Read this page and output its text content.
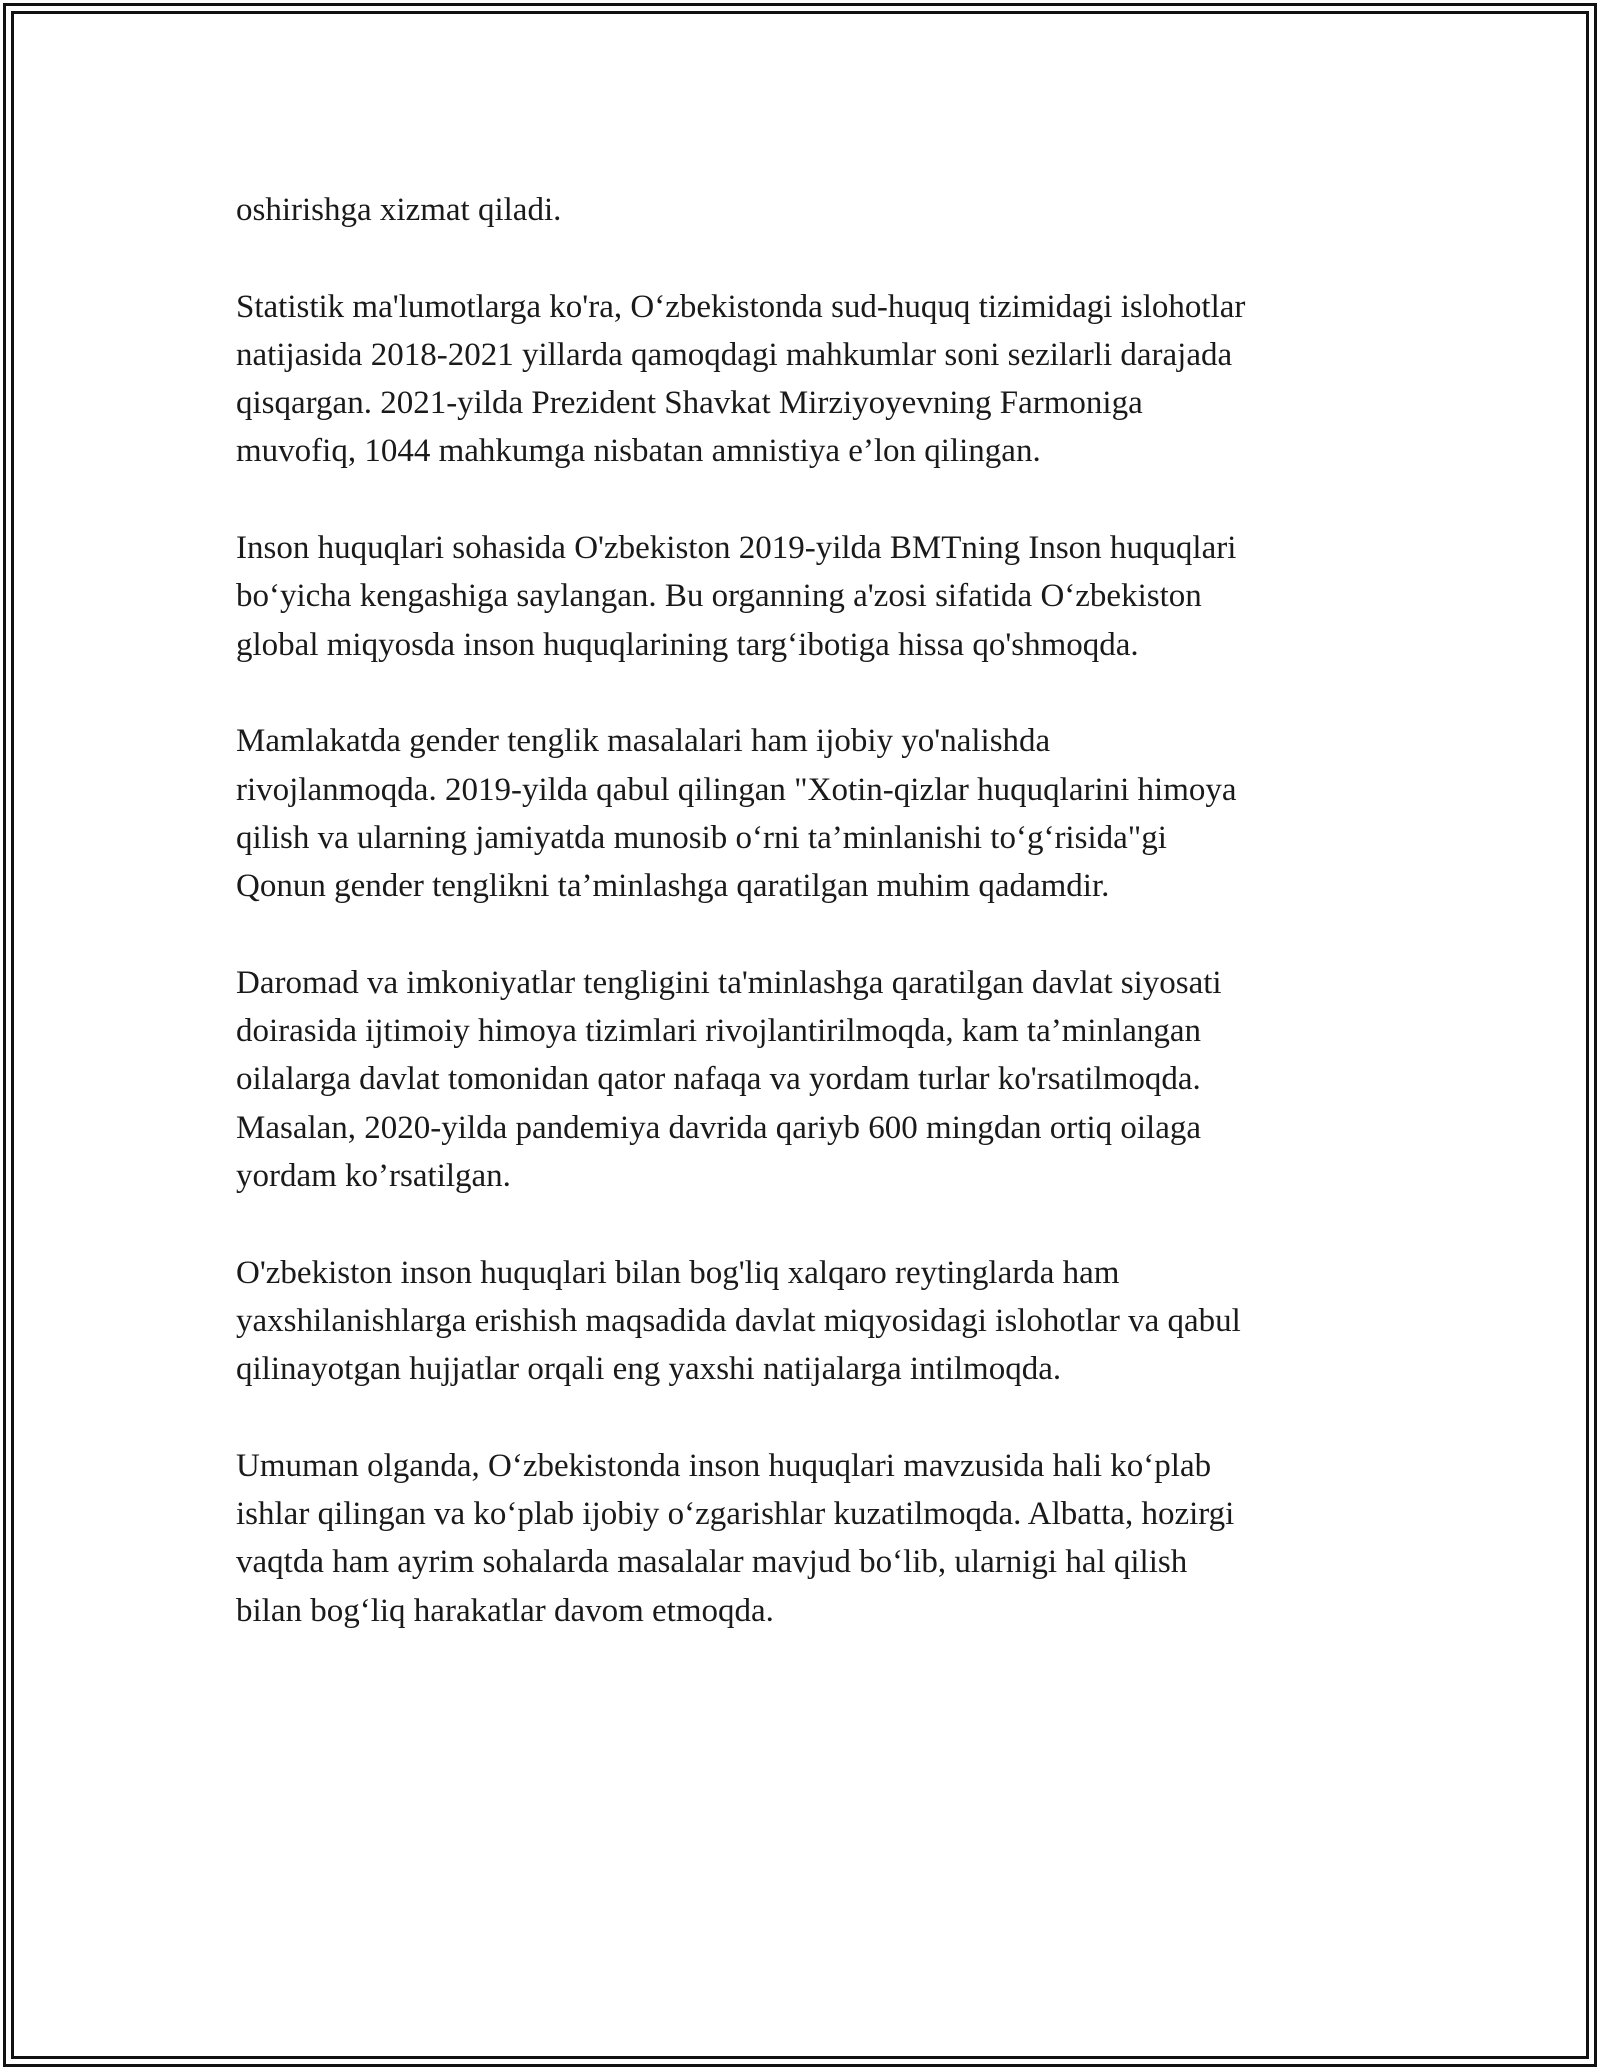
oshirishga xizmat qiladi.

Statistik ma'lumotlarga ko'ra, O‘zbekistonda sud-huquq tizimidagi islohotlar
natijasida 2018-2021 yillarda qamoqdagi mahkumlar soni sezilarli darajada
qisqargan. 2021-yilda Prezident Shavkat Mirziyoyevning Farmoniga
muvofiq, 1044 mahkumga nisbatan amnistiya e’lon qilingan.

Inson huquqlari sohasida O'zbekiston 2019-yilda BMTning Inson huquqlari
bo‘yicha kengashiga saylangan. Bu organning a'zosi sifatida O‘zbekiston
global miqyosda inson huquqlarining targ‘ibotiga hissa qo'shmoqda.

Mamlakatda gender tenglik masalalari ham ijobiy yo'nalishda
rivojlanmoqda. 2019-yilda qabul qilingan "Xotin-qizlar huquqlarini himoya
qilish va ularning jamiyatda munosib o‘rni ta’minlanishi to‘g‘risida"gi
Qonun gender tenglikni ta’minlashga qaratilgan muhim qadamdir.

Daromad va imkoniyatlar tengligini ta'minlashga qaratilgan davlat siyosati
doirasida ijtimoiy himoya tizimlari rivojlantirilmoqda, kam ta’minlangan
oilalarga davlat tomonidan qator nafaqa va yordam turlar ko'rsatilmoqda.
Masalan, 2020-yilda pandemiya davrida qariyb 600 mingdan ortiq oilaga
yordam ko’rsatilgan.

O'zbekiston inson huquqlari bilan bog'liq xalqaro reytinglarda ham
yaxshilanishlarga erishish maqsadida davlat miqyosidagi islohotlar va qabul
qilinayotgan hujjatlar orqali eng yaxshi natijalarga intilmoqda.

Umuman olganda, O‘zbekistonda inson huquqlari mavzusida hali ko‘plab
ishlar qilingan va ko‘plab ijobiy o‘zgarishlar kuzatilmoqda. Albatta, hozirgi
vaqtda ham ayrim sohalarda masalalar mavjud bo‘lib, ularnigi hal qilish
bilan bog‘liq harakatlar davom etmoqda.
